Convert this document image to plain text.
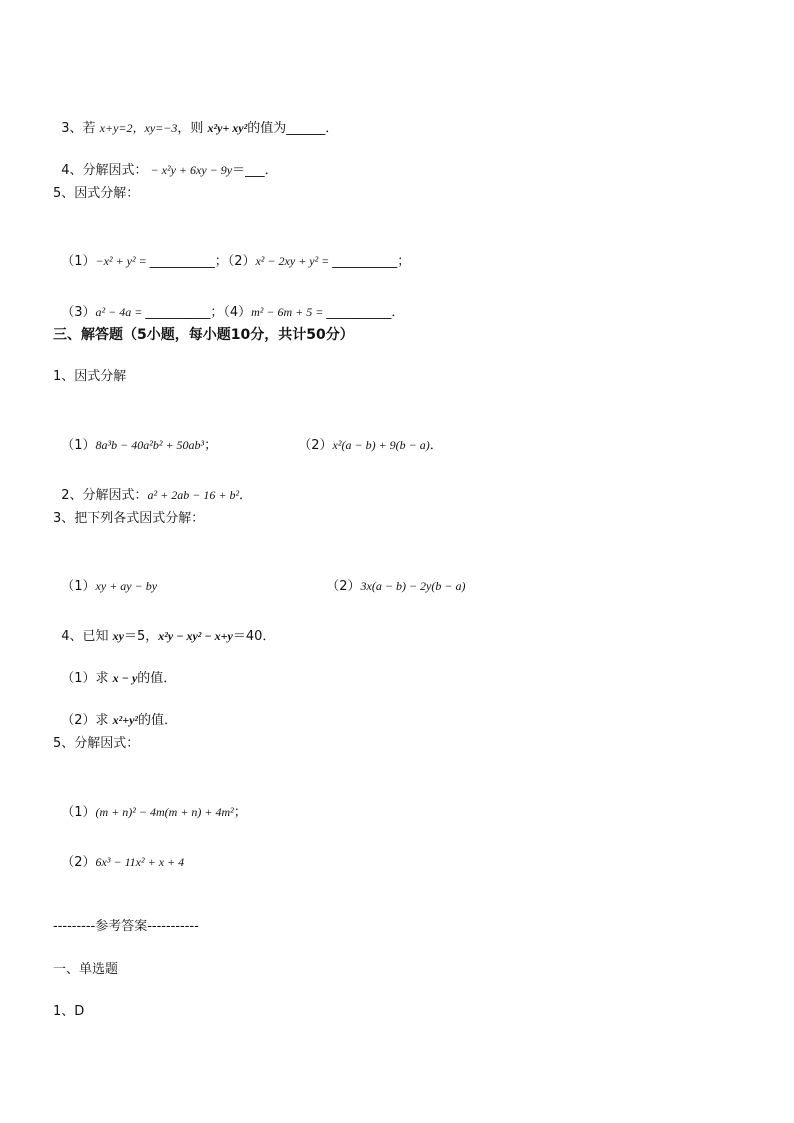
3、若 x+y=2，xy=−3，则 x²y+ xy²的值为______．

4、分解因式： − x²y + 6xy − 9y＝___．

5、因式分解：

（1）−x² + y² = __________；（2）x² − 2xy + y² = __________；

（3）a² − 4a = __________；（4）m² − 6m + 5 = __________．

三、解答题（5小题，每小题10分，共计50分）
1、因式分解

（1）8a³b − 40a²b² + 50ab³；	（2）x²(a − b) + 9(b − a)．

2、分解因式：a² + 2ab − 16 + b²．

3、把下列各式因式分解：

（1）xy + ay − by	（2）3x(a − b) − 2y(b − a)

4、已知 xy＝5，x²y − xy² − x+y＝40．

（1）求 x − y的值．

（2）求 x²+y²的值．

5、分解因式：

（1）(m + n)² − 4m(m + n) + 4m²；

（2）6x³ − 11x² + x + 4

---------参考答案-----------
一、单选题
1、D
